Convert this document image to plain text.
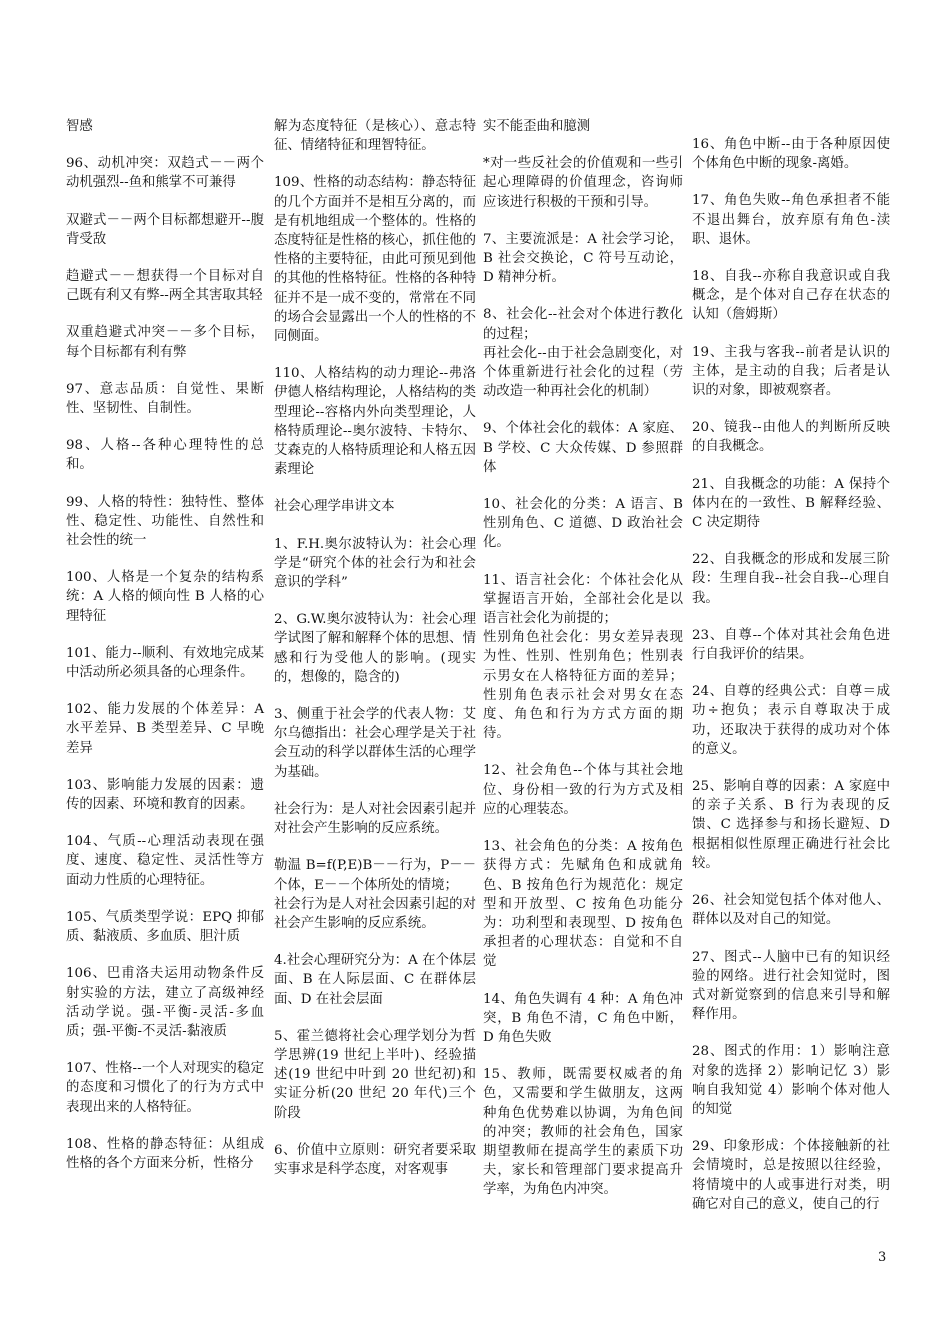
智感

96、动机冲突：双趋式－－两个动机强烈--鱼和熊掌不可兼得

双避式－－两个目标都想避开--腹背受敌

趋避式－－想获得一个目标对自己既有利又有弊--两全其害取其轻

双重趋避式冲突－－多个目标，每个目标都有利有弊

97、意志品质：自觉性、果断性、坚韧性、自制性。

98、人格--各种心理特性的总和。

99、人格的特性：独特性、整体性、稳定性、功能性、自然性和社会性的统一

100、人格是一个复杂的结构系统：A 人格的倾向性 B 人格的心理特征

101、能力--顺利、有效地完成某中活动所必须具备的心理条件。

102、能力发展的个体差异：A 水平差异、B 类型差异、C 早晚差异

103、影响能力发展的因素：遗传的因素、环境和教育的因素。

104、气质--心理活动表现在强度、速度、稳定性、灵活性等方面动力性质的心理特征。

105、气质类型学说：EPQ 抑郁质、黏液质、多血质、胆汁质

106、巴甫洛夫运用动物条件反射实验的方法，建立了高级神经活动学说。强-平衡-灵活-多血质；强-平衡-不灵活-黏液质

107、性格--一个人对现实的稳定的态度和习惯化了的行为方式中表现出来的人格特征。

108、性格的静态特征：从组成性格的各个方面来分析，性格分

解为态度特征（是核心）、意志特征、情绪特征和理智特征。

109、性格的动态结构：静态特征的几个方面并不是相互分离的，而是有机地组成一个整体的。性格的态度特征是性格的核心，抓住他的性格的主要特征，由此可预见到他的其他的性格特征。性格的各种特征并不是一成不变的，常常在不同的场合会显露出一个人的性格的不同侧面。

110、人格结构的动力理论--弗洛伊德人格结构理论，人格结构的类型理论--容格内外向类型理论，人格特质理论--奥尔波特、卡特尔、艾森克的人格特质理论和人格五因素理论

社会心理学串讲文本

1、F.H.奥尔波特认为：社会心理学是“研究个体的社会行为和社会意识的学科”

2、G.W.奥尔波特认为：社会心理学试图了解和解释个体的思想、情感和行为受他人的影响。(现实的，想像的，隐含的)

3、侧重于社会学的代表人物：艾尔乌德指出：社会心理学是关于社会互动的科学以群体生活的心理学为基础。

社会行为：是人对社会因素引起并对社会产生影响的反应系统。

勒温 B=f(P,E)B－－行为，P－－个体，E－－个体所处的情境；
社会行为是人对社会因素引起的对社会产生影响的反应系统。

4.社会心理研究分为：A 在个体层面、B 在人际层面、C 在群体层面、D 在社会层面

5、霍兰德将社会心理学划分为哲学思辨(19 世纪上半叶)、经验描述(19 世纪中叶到 20 世纪初)和实证分析(20 世纪 20 年代)三个阶段

6、价值中立原则：研究者要采取实事求是科学态度，对客观事

实不能歪曲和臆测

*对一些反社会的价值观和一些引起心理障碍的价值理念，咨询师应该进行积极的干预和引导。

7、主要流派是：A 社会学习论，B 社会交换论，C 符号互动论，D 精神分析。

8、社会化--社会对个体进行教化的过程；
再社会化--由于社会急剧变化，对个体重新进行社会化的过程（劳动改造一种再社会化的机制）

9、个体社会化的载体：A 家庭、B 学校、C 大众传媒、D 参照群体

10、社会化的分类：A 语言、B 性别角色、C 道德、D 政治社会化。

11、语言社会化：个体社会化从掌握语言开始，全部社会化是以语言社会化为前提的；
性别角色社会化：男女差异表现为性、性别、性别角色；性别表示男女在人格特征方面的差异；性别角色表示社会对男女在态度、角色和行为方式方面的期待。

12、社会角色--个体与其社会地位、身份相一致的行为方式及相应的心理装态。

13、社会角色的分类：A 按角色获得方式：先赋角色和成就角色、B 按角色行为规范化：规定型和开放型、C 按角色功能分为：功利型和表现型、D 按角色承担者的心理状态：自觉和不自觉

14、角色失调有 4 种：A 角色冲突，B 角色不清，C 角色中断，D 角色失败

15、教师，既需要权威者的角色，又需要和学生做朋友，这两种角色优势难以协调，为角色间的冲突；教师的社会角色，国家期望教师在提高学生的素质下功夫，家长和管理部门要求提高升学率，为角色内冲突。

16、角色中断--由于各种原因使个体角色中断的现象-离婚。

17、角色失败--角色承担者不能不退出舞台，放弃原有角色-渎职、退休。

18、自我--亦称自我意识或自我概念，是个体对自己存在状态的认知（詹姆斯）

19、主我与客我--前者是认识的主体，是主动的自我；后者是认识的对象，即被观察者。

20、镜我--由他人的判断所反映的自我概念。

21、自我概念的功能：A 保持个体内在的一致性、B 解释经验、C 决定期待

22、自我概念的形成和发展三阶段：生理自我--社会自我--心理自我。

23、自尊--个体对其社会角色进行自我评价的结果。

24、自尊的经典公式：自尊＝成功÷抱负；表示自尊取决于成功，还取决于获得的成功对个体的意义。

25、影响自尊的因素：A 家庭中的亲子关系、B 行为表现的反馈、C 选择参与和扬长避短、D 根据相似性原理正确进行社会比较。

26、社会知觉包括个体对他人、群体以及对自己的知觉。

27、图式--人脑中已有的知识经验的网络。进行社会知觉时，图式对新觉察到的信息来引导和解释作用。

28、图式的作用：1）影响注意对象的选择 2）影响记忆 3）影响自我知觉 4）影响个体对他人的知觉

29、印象形成：个体接触新的社会情境时，总是按照以往经验，将情境中的人或事进行对类，明确它对自己的意义，使自己的行

3
